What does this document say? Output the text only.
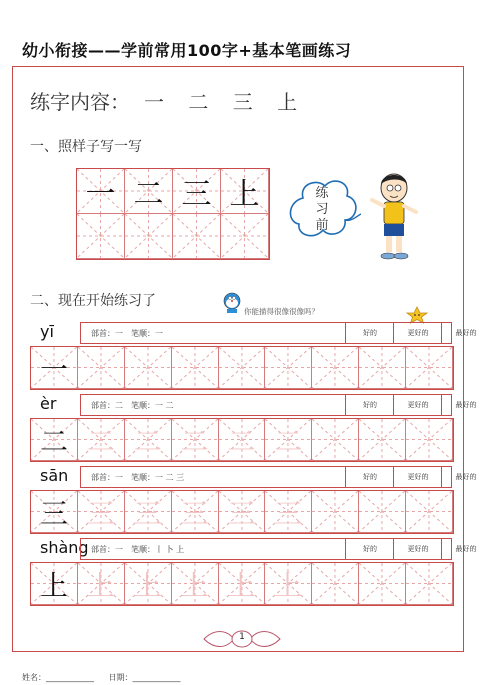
幼小衔接——学前常用100字+基本笔画练习
练字内容： 一 二 三 上
一、照样子写一写
一 二 三 上	练习前
二、现在开始练习了
你能描得很像很像吗？
yī	部首：一 笔顺：一	好的	更好的	最好的
一
èr	部首：二 笔顺：一 二	好的	更好的	最好的
二 二 二 二 二 二
sān	部首：一 笔顺：一 二 三	好的	更好的	最好的
三 三 三 三 三 三
shàng 部首：一 笔顺：丨 卜 上	好的	更好的	最好的
上 上 上 上 上 上
1
姓名：____________ 日期：____________
